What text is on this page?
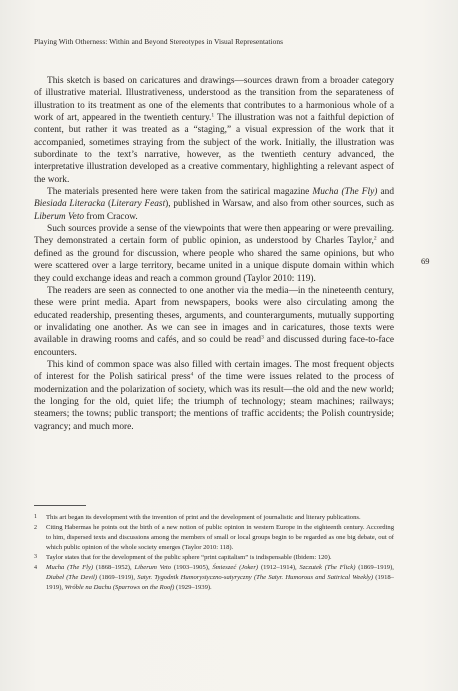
Playing With Otherness: Within and Beyond Stereotypes in Visual Representations

This sketch is based on caricatures and drawings—sources drawn from a broader category of illustrative material. Illustrativeness, understood as the transition from the separateness of illustration to its treatment as one of the elements that contributes to a harmonious whole of a work of art, appeared in the twentieth century.$^1$ The illustration was not a faithful depiction of content, but rather it was treated as a “staging,” a visual expression of the work that it accompanied, sometimes straying from the subject of the work. Initially, the illustration was subordinate to the text’s narrative, however, as the twentieth century advanced, the interpretative illustration developed as a creative commentary, highlighting a relevant aspect of the work.

The materials presented here were taken from the satirical magazine Mucha (The Fly) and Biesiada Literacka (Literary Feast), published in Warsaw, and also from other sources, such as Liberum Veto from Cracow.

Such sources provide a sense of the viewpoints that were then appearing or were prevailing. They demonstrated a certain form of public opinion, as understood by Charles Taylor,$^2$ and defined as the ground for discussion, where people who shared the same opinions, but who were scattered over a large territory, became united in a unique dispute domain within which they could exchange ideas and reach a common ground (Taylor 2010: 119).

The readers are seen as connected to one another via the media—in the nineteenth century, these were print media. Apart from newspapers, books were also circulating among the educated readership, presenting theses, arguments, and counterarguments, mutually supporting or invalidating one another. As we can see in images and in caricatures, those texts were available in drawing rooms and cafés, and so could be read$^3$ and discussed during face-to-face encounters.

This kind of common space was also filled with certain images. The most frequent objects of interest for the Polish satirical press$^4$ of the time were issues related to the process of modernization and the polarization of society, which was its result—the old and the new world; the longing for the old, quiet life; the triumph of technology; steam machines; railways; steamers; the towns; public transport; the mentions of traffic accidents; the Polish countryside; vagrancy; and much more.

69
1	This art began its development with the invention of print and the development of journalistic and literary publications.
2	Citing Habermas he points out the birth of a new notion of public opinion in western Europe in the eighteenth century. According to him, dispersed texts and discussions among the members of small or local groups begin to be regarded as one big debate, out of which public opinion of the whole society emerges (Taylor 2010: 118).
3	Taylor states that for the development of the public sphere “print capitalism” is indispensable (Ibidem: 120).
4	Mucha (The Fly) (1868–1952), Liberum Veto (1903–1905), Śmieszeć (Joker) (1912–1914), Szczutek (The Flick) (1869–1919), Diabeł (The Devil) (1869–1919), Satyr. Tygodnik Humorystyczno-satyryczny (The Satyr. Humorous and Satirical Weekly) (1918–1919), Wróble na Dachu (Sparrows on the Roof) (1929–1939).
